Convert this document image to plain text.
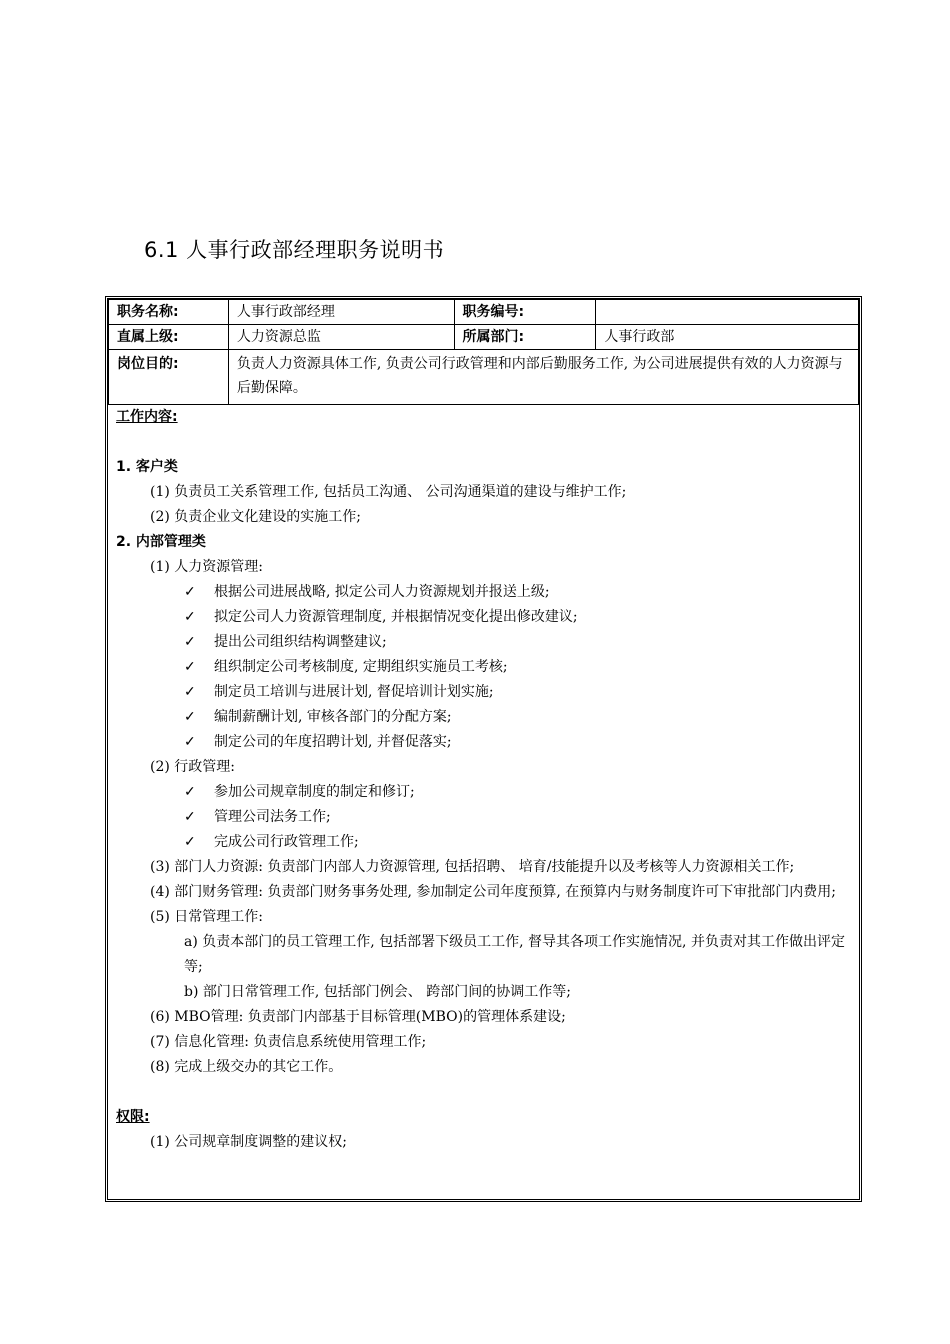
6.1 人事行政部经理职务说明书
职务名称:	人事行政部经理	职务编号:	
直属上级:	人力资源总监	所属部门:	人事行政部
岗位目的:	负责人力资源具体工作, 负责公司行政管理和内部后勤服务工作, 为公司进展提供有效的人力资源与后勤保障。		
工作内容:
1. 客户类
(1) 负责员工关系管理工作, 包括员工沟通、 公司沟通渠道的建设与维护工作;
(2) 负责企业文化建设的实施工作;
2. 内部管理类
(1) 人力资源管理:
✓ 根据公司进展战略, 拟定公司人力资源规划并报送上级;
✓ 拟定公司人力资源管理制度, 并根据情况变化提出修改建议;
✓ 提出公司组织结构调整建议;
✓ 组织制定公司考核制度, 定期组织实施员工考核;
✓ 制定员工培训与进展计划, 督促培训计划实施;
✓ 编制薪酬计划, 审核各部门的分配方案;
✓ 制定公司的年度招聘计划, 并督促落实;
(2) 行政管理:
✓ 参加公司规章制度的制定和修订;
✓ 管理公司法务工作;
✓ 完成公司行政管理工作;
(3) 部门人力资源: 负责部门内部人力资源管理, 包括招聘、 培育/技能提升以及考核等人力资源相关工作;
(4) 部门财务管理: 负责部门财务事务处理, 参加制定公司年度预算, 在预算内与财务制度许可下审批部门内费用;
(5) 日常管理工作:
a) 负责本部门的员工管理工作, 包括部署下级员工工作, 督导其各项工作实施情况, 并负责对其工作做出评定等;
b) 部门日常管理工作, 包括部门例会、 跨部门间的协调工作等;
(6) MBO管理: 负责部门内部基于目标管理(MBO)的管理体系建设;
(7) 信息化管理: 负责信息系统使用管理工作;
(8) 完成上级交办的其它工作。
权限:
(1) 公司规章制度调整的建议权;
